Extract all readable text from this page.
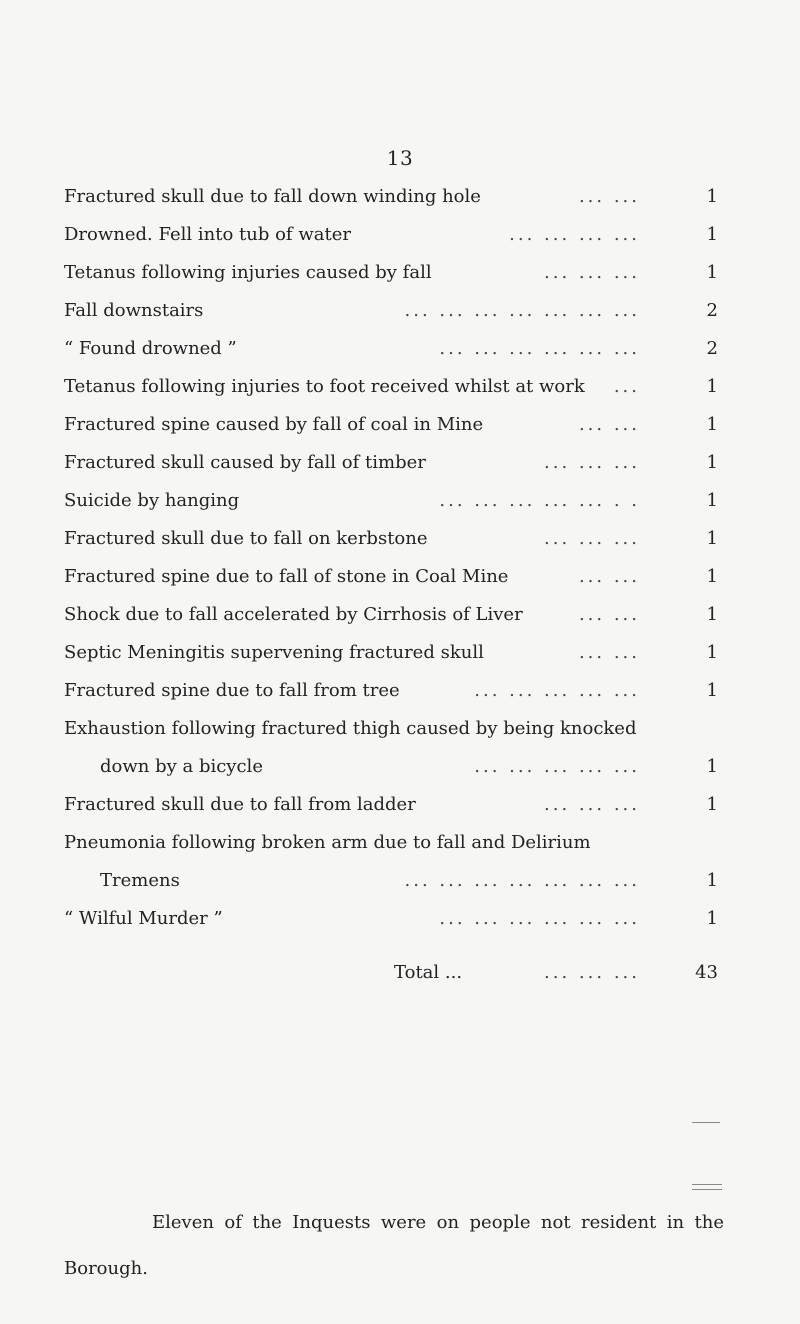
13
Fractured skull due to fall down winding hole	... ...	1
Drowned. Fell into tub of water	... ... ... ...	1
Tetanus following injuries caused by fall	... ... ...	1
Fall downstairs	... ... ... ... ... ... ...	2
“ Found drowned ”	... ... ... ... ... ...	2
Tetanus following injuries to foot received whilst at work	...	1
Fractured spine caused by fall of coal in Mine	... ...	1
Fractured skull caused by fall of timber	... ... ...	1
Suicide by hanging	... ... ... ... ... . .	1
Fractured skull due to fall on kerbstone	... ... ...	1
Fractured spine due to fall of stone in Coal Mine	... ...	1
Shock due to fall accelerated by Cirrhosis of Liver	... ...	1
Septic Meningitis supervening fractured skull	... ...	1
Fractured spine due to fall from tree	... ... ... ... ...	1
Exhaustion following fractured thigh caused by being knocked
down by a bicycle	... ... ... ... ...	1
Fractured skull due to fall from ladder	... ... ...	1
Pneumonia following broken arm due to fall and Delirium
Tremens	... ... ... ... ... ... ...	1
“ Wilful Murder ”	... ... ... ... ... ...	1
Total ...	... ... ...	43
Eleven of the Inquests were on people not resident in the
Borough.
